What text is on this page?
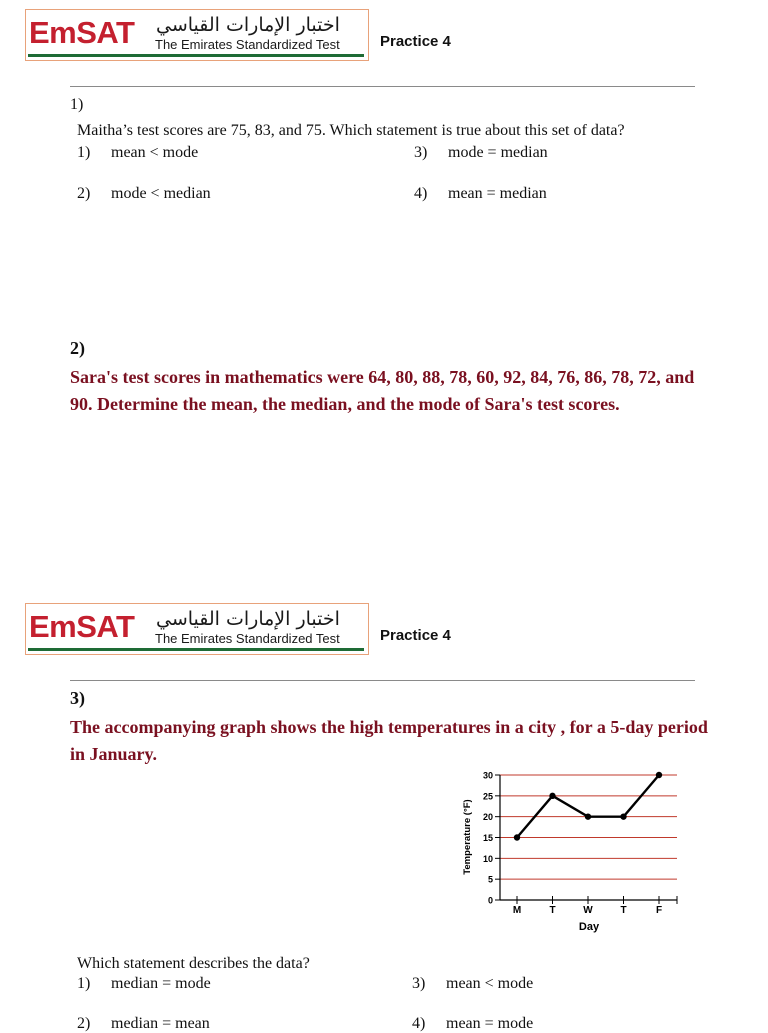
EmSAT اختبار الإمارات القياسي
The Emirates Standardized Test	Practice 4
1)
Maitha’s test scores are 75, 83, and 75. Which statement is true about this set of data?
1) mean < mode
2) mode < median
3) mode = median
4) mean = median
2)
Sara's test scores in mathematics were 64, 80, 88, 78, 60, 92, 84, 76, 86, 78, 72, and 90. Determine the mean, the median, and the mode of Sara's test scores.
EmSAT اختبار الإمارات القياسي
The Emirates Standardized Test	Practice 4
3)
The accompanying graph shows the high temperatures in a city , for a 5-day period in January.
0
5
10
15
20
25
30
M	T	W	T	F
Temperature (°F)
Day
Which statement describes the data?
1) median = mode
2) median = mean
3) mean < mode
4) mean = mode
